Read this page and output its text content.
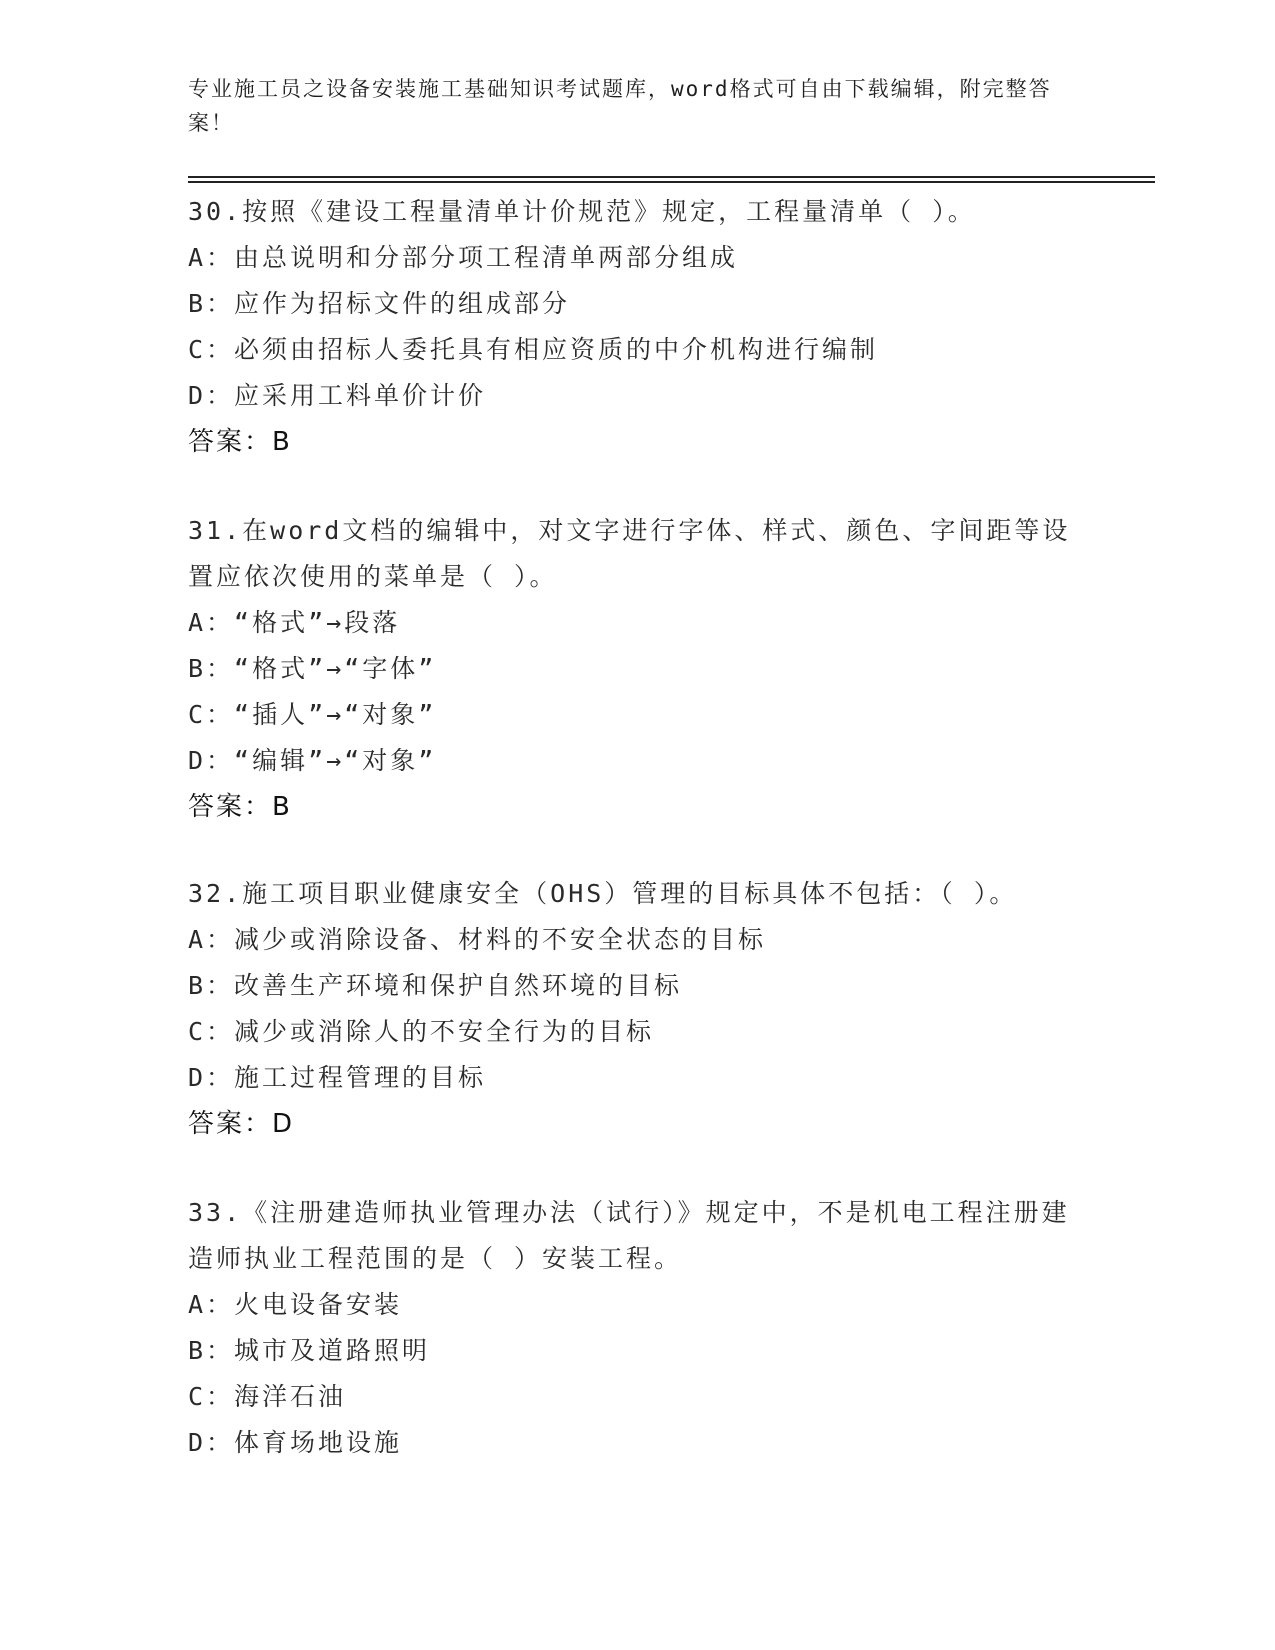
专业施工员之设备安装施工基础知识考试题库，word格式可自由下载编辑，附完整答案！

30.按照《建设工程量清单计价规范》规定，工程量清单（ ）。

A：由总说明和分部分项工程清单两部分组成

B：应作为招标文件的组成部分

C：必须由招标人委托具有相应资质的中介机构进行编制

D：应采用工料单价计价

答案：B

31.在word文档的编辑中，对文字进行字体、样式、颜色、字间距等设置应依次使用的菜单是（ ）。

A：“格式”→段落

B：“格式”→“字体”

C：“插人”→“对象”

D：“编辑”→“对象”

答案：B

32.施工项目职业健康安全（OHS）管理的目标具体不包括：（ ）。

A：减少或消除设备、材料的不安全状态的目标

B：改善生产环境和保护自然环境的目标

C：减少或消除人的不安全行为的目标

D：施工过程管理的目标

答案：D

33.《注册建造师执业管理办法（试行）》规定中，不是机电工程注册建造师执业工程范围的是（ ）安装工程。

A：火电设备安装

B：城市及道路照明

C：海洋石油

D：体育场地设施
